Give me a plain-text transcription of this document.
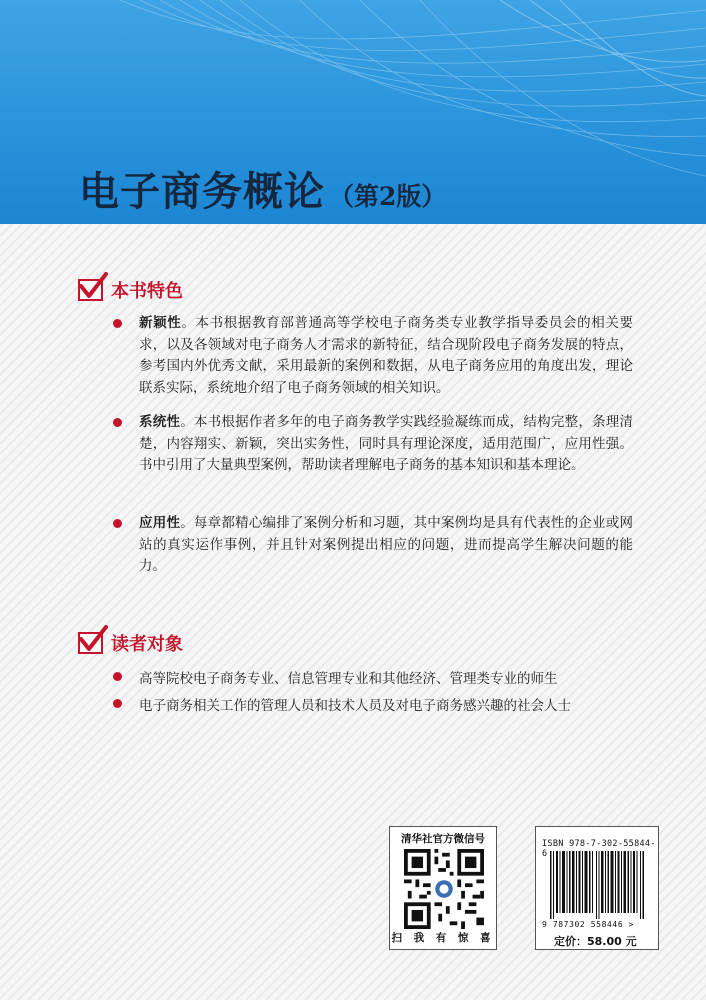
电子商务概论 （第2版）
本书特色
新颖性。本书根据教育部普通高等学校电子商务类专业教学指导委员会的相关要求，以及各领域对电子商务人才需求的新特征，结合现阶段电子商务发展的特点，参考国内外优秀文献，采用最新的案例和数据，从电子商务应用的角度出发，理论联系实际，系统地介绍了电子商务领域的相关知识。
系统性。本书根据作者多年的电子商务教学实践经验凝练而成，结构完整，条理清楚，内容翔实、新颖，突出实务性，同时具有理论深度，适用范围广，应用性强。书中引用了大量典型案例，帮助读者理解电子商务的基本知识和基本理论。
应用性。每章都精心编排了案例分析和习题，其中案例均是具有代表性的企业或网站的真实运作事例，并且针对案例提出相应的问题，进而提高学生解决问题的能力。
读者对象
高等院校电子商务专业、信息管理专业和其他经济、管理类专业的师生
电子商务相关工作的管理人员和技术人员及对电子商务感兴趣的社会人士
清华社官方微信号
扫 我 有 惊 喜
ISBN 978-7-302-55844-6
9 787302 558446 >
定价：58.00 元
